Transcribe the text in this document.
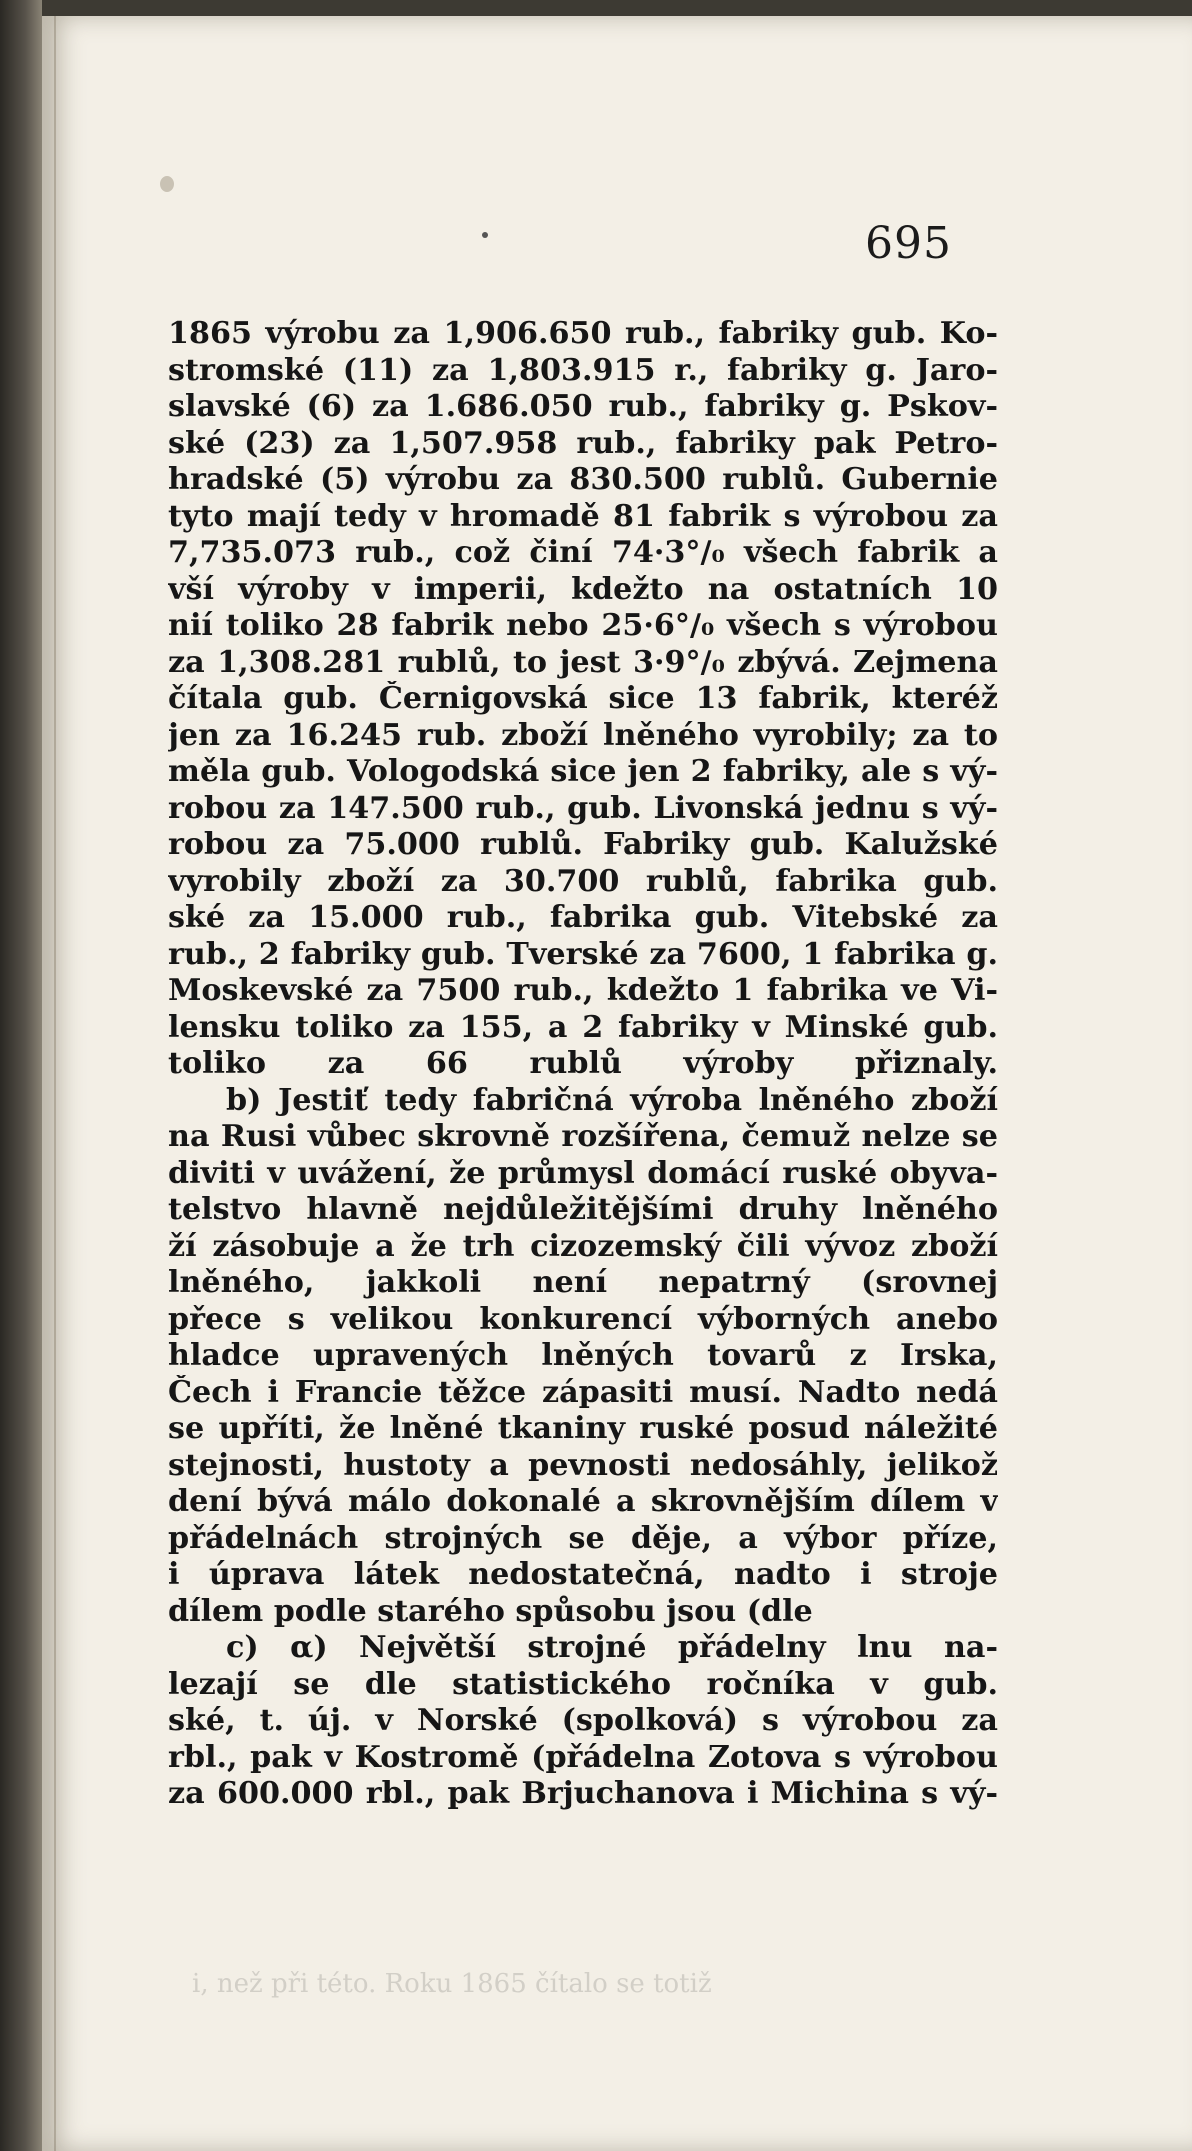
695
1865 výrobu za 1,906.650 rub., fabriky gub. Ko-
stromské (11) za 1,803.915 r., fabriky g. Jaro-
slavské (6) za 1.686.050 rub., fabriky g. Pskov-
ské (23) za 1,507.958 rub., fabriky pak Petro-
hradské (5) výrobu za 830.500 rublů. Gubernie
tyto mají tedy v hromadě 81 fabrik s výrobou za
7,735.073 rub., což činí 74·3°/₀ všech fabrik a
vší výroby v imperii, kdežto na ostatních 10
nií toliko 28 fabrik nebo 25·6°/₀ všech s výrobou
za 1,308.281 rublů, to jest 3·9°/₀ zbývá. Zejmena
čítala gub. Černigovská sice 13 fabrik, kteréž
jen za 16.245 rub. zboží lněného vyrobily; za to
měla gub. Vologodská sice jen 2 fabriky, ale s vý-
robou za 147.500 rub., gub. Livonská jednu s vý-
robou za 75.000 rublů. Fabriky gub. Kalužské
vyrobily zboží za 30.700 rublů, fabrika gub.
ské za 15.000 rub., fabrika gub. Vitebské za
rub., 2 fabriky gub. Tverské za 7600, 1 fabrika g.
Moskevské za 7500 rub., kdežto 1 fabrika ve Vi-
lensku toliko za 155, a 2 fabriky v Minské gub.
toliko za 66 rublů výroby přiznaly.
b) Jestiť tedy fabričná výroba lněného zboží
na Rusi vůbec skrovně rozšířena, čemuž nelze se
diviti v uvážení, že průmysl domácí ruské obyva-
telstvo hlavně nejdůležitějšími druhy lněného
ží zásobuje a že trh cizozemský čili vývoz zboží
lněného, jakkoli není nepatrný (srovnej
přece s velikou konkurencí výborných anebo
hladce upravených lněných tovarů z Irska,
Čech i Francie těžce zápasiti musí. Nadto nedá
se upříti, že lněné tkaniny ruské posud náležité
stejnosti, hustoty a pevnosti nedosáhly, jelikož
dení bývá málo dokonalé a skrovnějším dílem v
přádelnách strojných se děje, a výbor příze,
i úprava látek nedostatečná, nadto i stroje
dílem podle starého spůsobu jsou (dle
c) α) Největší strojné přádelny lnu na-
lezají se dle statistického ročníka v gub.
ské, t. új. v Norské (spolková) s výrobou za
rbl., pak v Kostromě (přádelna Zotova s výrobou
za 600.000 rbl., pak Brjuchanova i Michina s vý-
i, než při této. Roku 1865 čítalo se totiž
